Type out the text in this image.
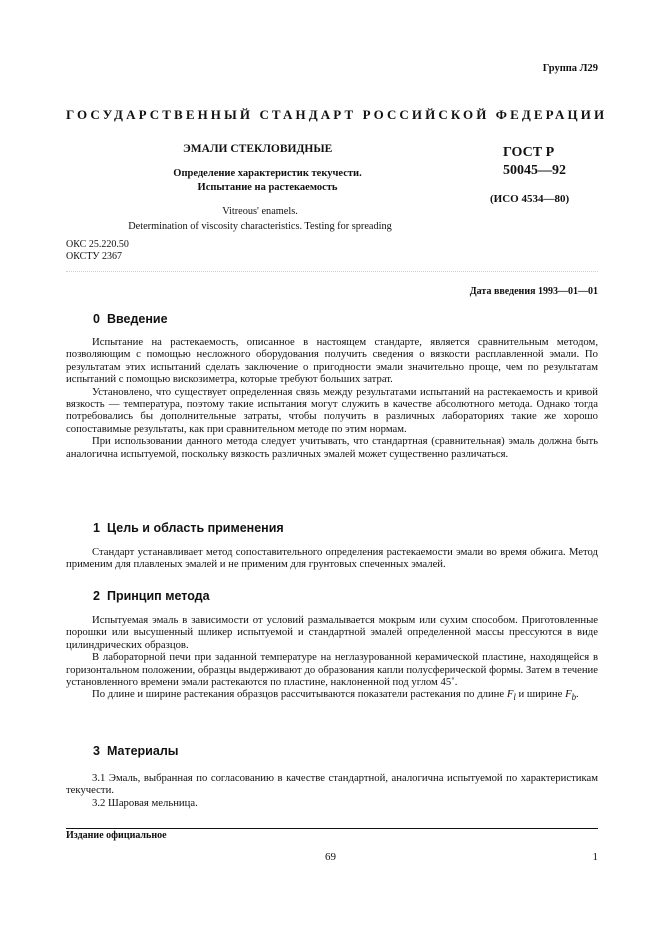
Группа Л29
ГОСУДАРСТВЕННЫЙ СТАНДАРТ РОССИЙСКОЙ ФЕДЕРАЦИИ
ЭМАЛИ СТЕКЛОВИДНЫЕ
Определение характеристик текучести.
Испытание на растекаемость
ГОСТ Р
50045—92
(ИСО 4534—80)
Vitreous' enamels.
Determination of viscosity characteristics. Testing for spreading
ОКС 25.220.50
ОКСТУ 2367
Дата введения 1993—01—01
0 Введение

Испытание на растекаемость, описанное в настоящем стандарте, является сравнительным методом, позволяющим с помощью несложного оборудования получить сведения о вязкости расплавленной эмали. По результатам этих испытаний сделать заключение о пригодности эмали значительно проще, чем по результатам испытаний с помощью вискозиметра, которые требуют больших затрат.

Установлено, что существует определенная связь между результатами испытаний на растекаемость и кривой вязкость — температура, поэтому такие испытания могут служить в качестве абсолютного метода. Однако тогда потребовались бы дополнительные затраты, чтобы получить в различных лабораториях такие же хорошо сопоставимые результаты, как при сравнительном методе по этим нормам.

При использовании данного метода следует учитывать, что стандартная (сравнительная) эмаль должна быть аналогична испытуемой, поскольку вязкость различных эмалей может существенно различаться.

1 Цель и область применения

Стандарт устанавливает метод сопоставительного определения растекаемости эмали во время обжига. Метод применим для плавленых эмалей и не применим для грунтовых спеченных эмалей.

2 Принцип метода

Испытуемая эмаль в зависимости от условий размалывается мокрым или сухим способом. Приготовленные порошки или высушенный шликер испытуемой и стандартной эмалей определенной массы прессуются в виде цилиндрических образцов.

В лабораторной печи при заданной температуре на неглазурованной керамической пластине, находящейся в горизонтальном положении, образцы выдерживают до образования капли полусферической формы. Затем в течение установленного времени эмали растекаются по пластине, наклоненной под углом 45˚.

По длине и ширине растекания образцов рассчитываются показатели растекания по длине $F_l$ и ширине $F_b$.

3 Материалы
3.1 Эмаль, выбранная по согласованию в качестве стандартной, аналогична испытуемой по характеристикам текучести.
3.2 Шаровая мельница.
Издание официальное
69	1
